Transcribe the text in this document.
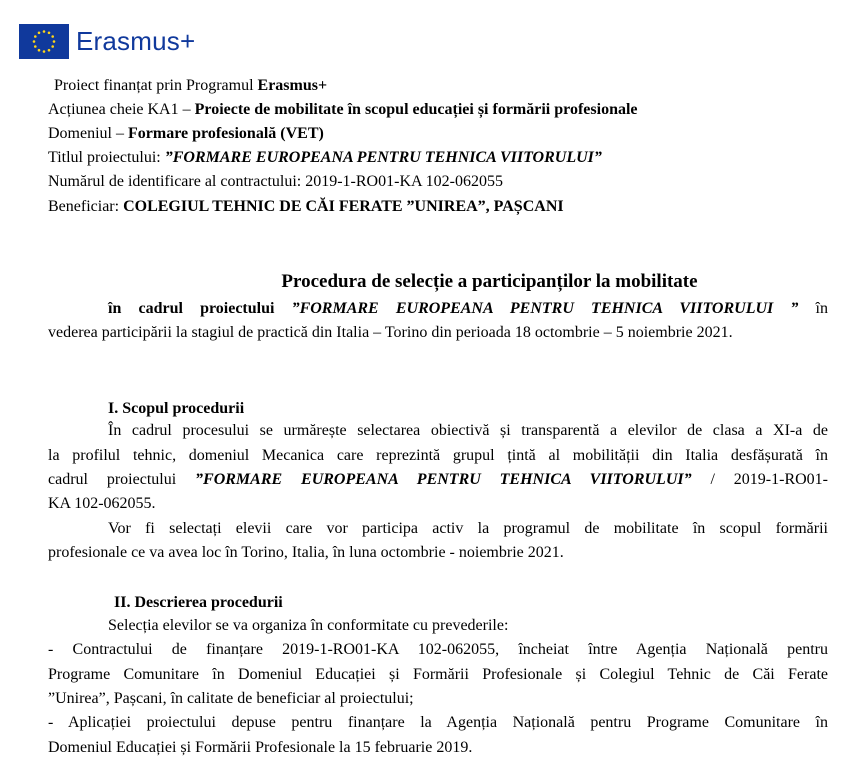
Erasmus+
Proiect finanțat prin Programul Erasmus+
Acțiunea cheie KA1 – Proiecte de mobilitate în scopul educației și formării profesionale
Domeniul – Formare profesională (VET)
Titlul proiectului: ”FORMARE EUROPEANA PENTRU TEHNICA VIITORULUI”
Numărul de identificare al contractului: 2019-1-RO01-KA 102-062055
Beneficiar: COLEGIUL TEHNIC DE CĂI FERATE ”UNIREA”, PAȘCANI
Procedura de selecție a participanților la mobilitate
în cadrul proiectului ”FORMARE EUROPEANA PENTRU TEHNICA VIITORULUI ” în
vederea participării la stagiul de practică din Italia – Torino din perioada 18 octombrie – 5 noiembrie 2021.
I. Scopul procedurii
În cadrul procesului se urmărește selectarea obiectivă și transparentă a elevilor de clasa a XI-a de
la profilul tehnic, domeniul Mecanica care reprezintă grupul țintă al mobilității din Italia desfășurată în
cadrul proiectului ”FORMARE EUROPEANA PENTRU TEHNICA VIITORULUI” / 2019-1-RO01-
KA 102-062055.
Vor fi selectați elevii care vor participa activ la programul de mobilitate în scopul formării
profesionale ce va avea loc în Torino, Italia, în luna octombrie - noiembrie 2021.
II. Descrierea procedurii
Selecția elevilor se va organiza în conformitate cu prevederile:
- Contractului de finanțare 2019-1-RO01-KA 102-062055, încheiat între Agenția Națională pentru
Programe Comunitare în Domeniul Educației și Formării Profesionale și Colegiul Tehnic de Căi Ferate
”Unirea”, Pașcani, în calitate de beneficiar al proiectului;
- Aplicației proiectului depuse pentru finanțare la Agenția Națională pentru Programe Comunitare în
Domeniul Educației și Formării Profesionale la 15 februarie 2019.
